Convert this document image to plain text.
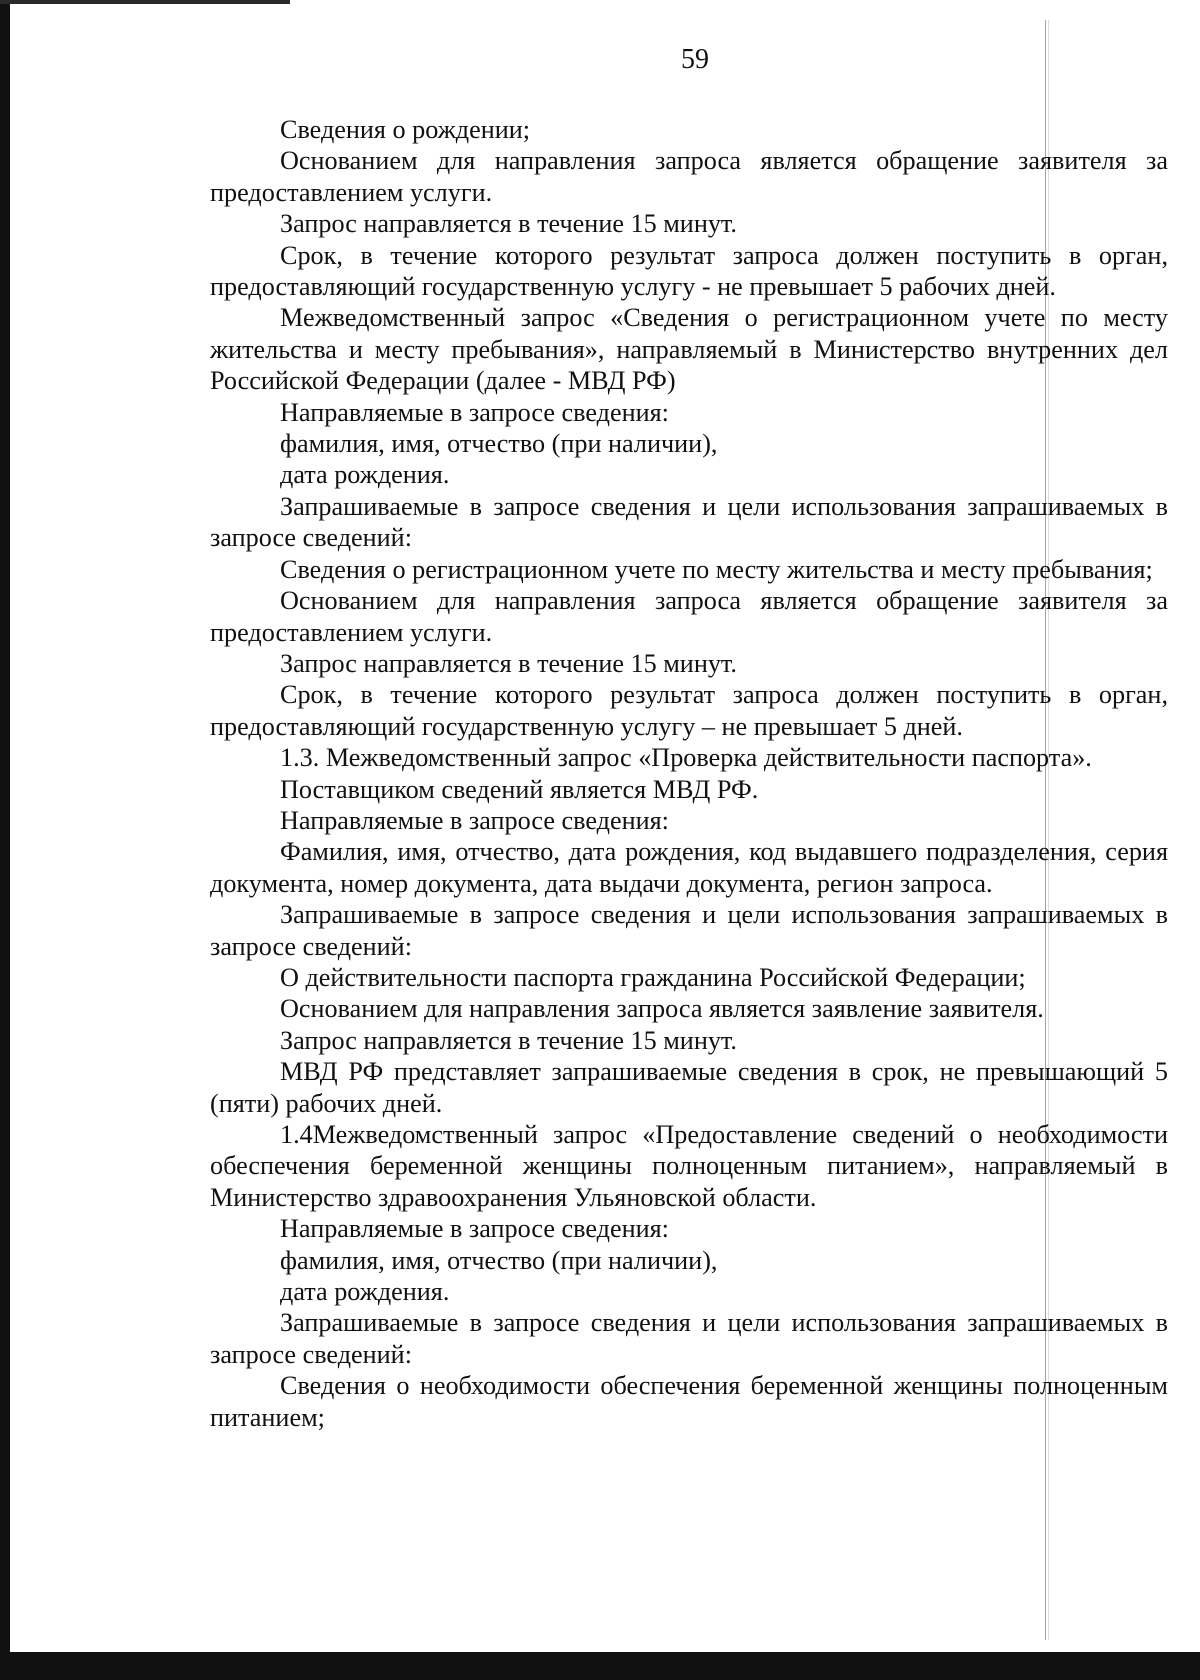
59

Сведения о рождении;

Основанием для направления запроса является обращение заявителя за предоставлением услуги.

Запрос направляется в течение 15 минут.

Срок, в течение которого результат запроса должен поступить в орган, предоставляющий государственную услугу - не превышает 5 рабочих дней.

Межведомственный запрос «Сведения о регистрационном учете по месту жительства и месту пребывания», направляемый в Министерство внутренних дел Российской Федерации (далее - МВД РФ)

Направляемые в запросе сведения:

фамилия, имя, отчество (при наличии),

дата рождения.

Запрашиваемые в запросе сведения и цели использования запрашиваемых в запросе сведений:

Сведения о регистрационном учете по месту жительства и месту пребывания;

Основанием для направления запроса является обращение заявителя за предоставлением услуги.

Запрос направляется в течение 15 минут.

Срок, в течение которого результат запроса должен поступить в орган, предоставляющий государственную услугу – не превышает 5 дней.

1.3. Межведомственный запрос «Проверка действительности паспорта».

Поставщиком сведений является МВД РФ.

Направляемые в запросе сведения:

Фамилия, имя, отчество, дата рождения, код выдавшего подразделения, серия документа, номер документа, дата выдачи документа, регион запроса.

Запрашиваемые в запросе сведения и цели использования запрашиваемых в запросе сведений:

О действительности паспорта гражданина Российской Федерации;

Основанием для направления запроса является заявление заявителя.

Запрос направляется в течение 15 минут.

МВД РФ представляет запрашиваемые сведения в срок, не превышающий 5 (пяти) рабочих дней.

1.4Межведомственный запрос «Предоставление сведений о необходимости обеспечения беременной женщины полноценным питанием», направляемый в Министерство здравоохранения Ульяновской области.

Направляемые в запросе сведения:

фамилия, имя, отчество (при наличии),

дата рождения.

Запрашиваемые в запросе сведения и цели использования запрашиваемых в запросе сведений:

Сведения о необходимости обеспечения беременной женщины полноценным питанием;
